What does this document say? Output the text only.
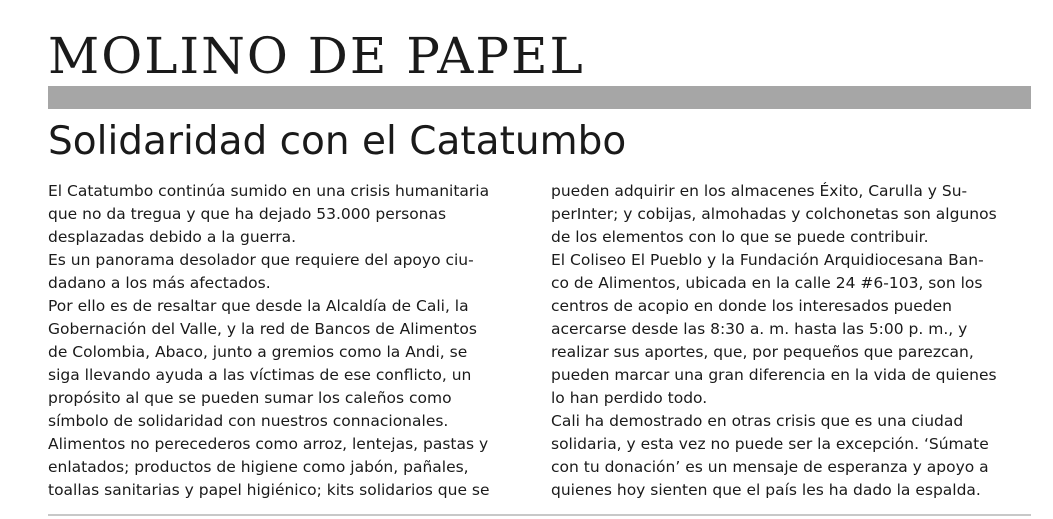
MOLINO DE PAPEL
Solidaridad con el Catatumbo
El Catatumbo continúa sumido en una crisis humanitaria
que no da tregua y que ha dejado 53.000 personas
desplazadas debido a la guerra.
Es un panorama desolador que requiere del apoyo ciu-
dadano a los más afectados.
Por ello es de resaltar que desde la Alcaldía de Cali, la
Gobernación del Valle, y la red de Bancos de Alimentos
de Colombia, Abaco, junto a gremios como la Andi, se
siga llevando ayuda a las víctimas de ese conflicto, un
propósito al que se pueden sumar los caleños como
símbolo de solidaridad con nuestros connacionales.
Alimentos no perecederos como arroz, lentejas, pastas y
enlatados; productos de higiene como jabón, pañales,
toallas sanitarias y papel higiénico; kits solidarios que se
pueden adquirir en los almacenes Éxito, Carulla y Su-
perInter; y cobijas, almohadas y colchonetas son algunos
de los elementos con lo que se puede contribuir.
El Coliseo El Pueblo y la Fundación Arquidiocesana Ban-
co de Alimentos, ubicada en la calle 24 #6-103, son los
centros de acopio en donde los interesados pueden
acercarse desde las 8:30 a. m. hasta las 5:00 p. m., y
realizar sus aportes, que, por pequeños que parezcan,
pueden marcar una gran diferencia en la vida de quienes
lo han perdido todo.
Cali ha demostrado en otras crisis que es una ciudad
solidaria, y esta vez no puede ser la excepción. ‘Súmate
con tu donación’ es un mensaje de esperanza y apoyo a
quienes hoy sienten que el país les ha dado la espalda.
